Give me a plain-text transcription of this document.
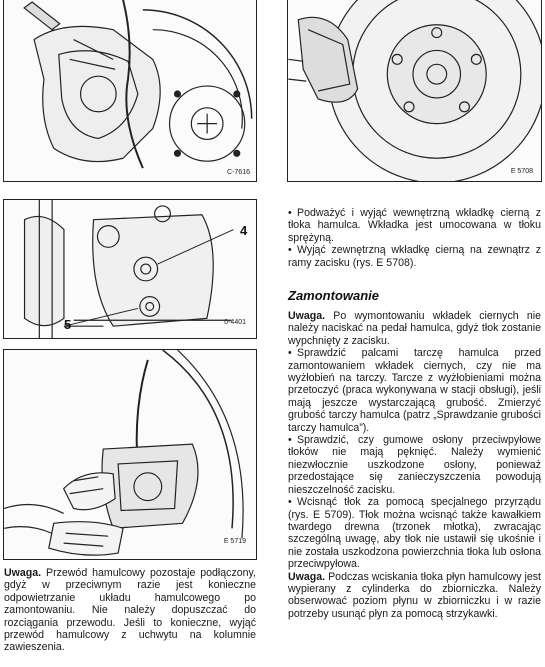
C-7616	E 5708
4
5	0-4401
E 5719

Uwaga. Przewód hamulcowy pozostaje podłączony, gdyż w przeciwnym razie jest konieczne odpowietrzanie układu hamulcowego po zamontowaniu. Nie należy dopuszczać do rozciągania przewodu. Jeśli to konieczne, wyjąć przewód hamulcowy z uchwytu na kolumnie zawieszenia.

• Podważyć i wyjąć wewnętrzną wkładkę cierną z tłoka hamulca. Wkładka jest umocowana w tłoku sprężyną.

• Wyjąć zewnętrzną wkładkę cierną na zewnątrz z ramy zacisku (rys. E 5708).

Zamontowanie

Uwaga. Po wymontowaniu wkładek ciernych nie należy naciskać na pedał hamulca, gdyż tłok zostanie wypchnięty z zacisku.

• Sprawdzić palcami tarczę hamulca przed zamontowaniem wkładek ciernych, czy nie ma wyżłobień na tarczy. Tarcze z wyżłobieniami można przetoczyć (praca wykonywana w stacji obsługi), jeśli mają jeszcze wystarczającą grubość. Zmierzyć grubość tarczy hamulca (patrz „Sprawdzanie grubości tarczy hamulca”).

• Sprawdzić, czy gumowe osłony przeciwpyłowe tłoków nie mają pęknięć. Należy wymienić niezwłocznie uszkodzone osłony, ponieważ przedostające się zanieczyszczenia powodują nieszczelność zacisku.

• Wcisnąć tłok za pomocą specjalnego przyrządu (rys. E 5709). Tłok można wcisnąć także kawałkiem twardego drewna (trzonek młotka), zwracając szczególną uwagę, aby tłok nie ustawił się ukośnie i nie została uszkodzona powierzchnia tłoka lub osłona przeciwpyłowa.

Uwaga. Podczas wciskania tłoka płyn hamulcowy jest wypierany z cylinderka do zbiorniczka. Należy obserwować poziom płynu w zbiorniczku i w razie potrzeby usunąć płyn za pomocą strzykawki.
